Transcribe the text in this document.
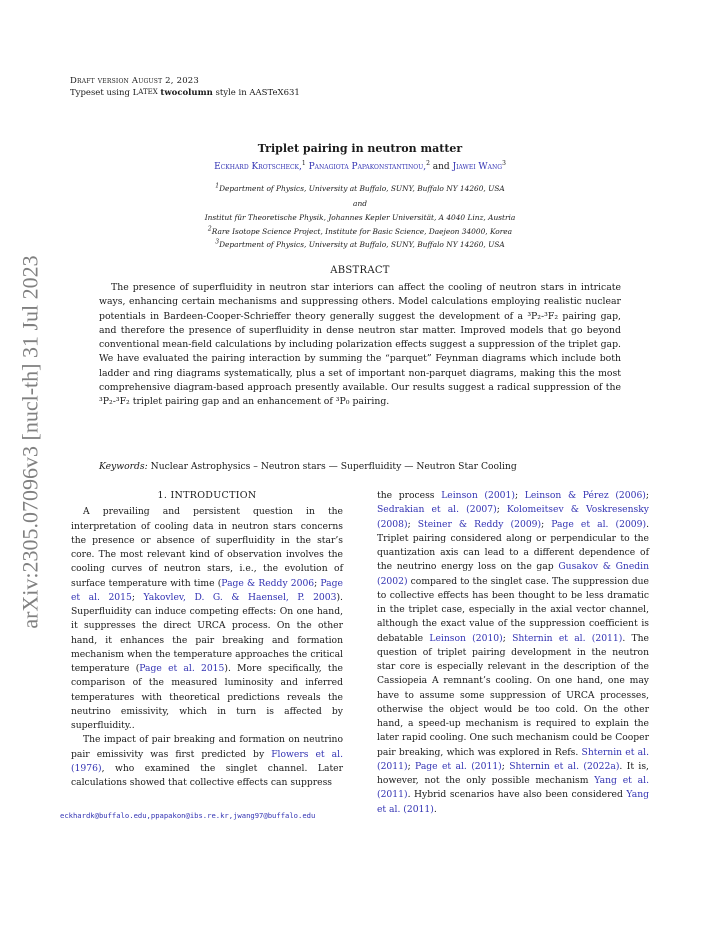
arXiv:2305.07096v3 [nucl-th] 31 Jul 2023
Draft version August 2, 2023
Typeset using LATEX twocolumn style in AASTeX631
Triplet pairing in neutron matter
Eckhard Krotscheck,$^1$ Panagiota Papakonstantinou,$^2$ and Jiawei Wang$^3$
$^1$Department of Physics, University at Buffalo, SUNY, Buffalo NY 14260, USA
and
Institut für Theoretische Physik, Johannes Kepler Universität, A 4040 Linz, Austria
$^2$Rare Isotope Science Project, Institute for Basic Science, Daejeon 34000, Korea
$^3$Department of Physics, University at Buffalo, SUNY, Buffalo NY 14260, USA
ABSTRACT

The presence of superfluidity in neutron star interiors can affect the cooling of neutron stars in intricate ways, enhancing certain mechanisms and suppressing others. Model calculations employing realistic nuclear potentials in Bardeen-Cooper-Schrieffer theory generally suggest the development of a ³P₂-³F₂ pairing gap, and therefore the presence of superfluidity in dense neutron star matter. Improved models that go beyond conventional mean-field calculations by including polarization effects suggest a suppression of the triplet gap. We have evaluated the pairing interaction by summing the “parquet” Feynman diagrams which include both ladder and ring diagrams systematically, plus a set of important non-parquet diagrams, making this the most comprehensive diagram-based approach presently available. Our results suggest a radical suppression of the ³P₂-³F₂ triplet pairing gap and an enhancement of ³P₀ pairing.

Keywords: Nuclear Astrophysics – Neutron stars — Superfluidity — Neutron Star Cooling
1. INTRODUCTION

A prevailing and persistent question in the interpretation of cooling data in neutron stars concerns the presence or absence of superfluidity in the star’s core. The most relevant kind of observation involves the cooling curves of neutron stars, i.e., the evolution of surface temperature with time (Page & Reddy 2006; Page et al. 2015; Yakovlev, D. G. & Haensel, P. 2003). Superfluidity can induce competing effects: On one hand, it suppresses the direct URCA process. On the other hand, it enhances the pair breaking and formation mechanism when the temperature approaches the critical temperature (Page et al. 2015). More specifically, the comparison of the measured luminosity and inferred temperatures with theoretical predictions reveals the neutrino emissivity, which in turn is affected by superfluidity..

The impact of pair breaking and formation on neutrino pair emissivity was first predicted by Flowers et al. (1976), who examined the singlet channel. Later calculations showed that collective effects can suppress

the process Leinson (2001); Leinson & Pérez (2006); Sedrakian et al. (2007); Kolomeitsev & Voskresensky (2008); Steiner & Reddy (2009); Page et al. (2009). Triplet pairing considered along or perpendicular to the quantization axis can lead to a different dependence of the neutrino energy loss on the gap Gusakov & Gnedin (2002) compared to the singlet case. The suppression due to collective effects has been thought to be less dramatic in the triplet case, especially in the axial vector channel, although the exact value of the suppression coefficient is debatable Leinson (2010); Shternin et al. (2011). The question of triplet pairing development in the neutron star core is especially relevant in the description of the Cassiopeia A remnant’s cooling. On one hand, one may have to assume some suppression of URCA processes, otherwise the object would be too cold. On the other hand, a speed-up mechanism is required to explain the later rapid cooling. One such mechanism could be Cooper pair breaking, which was explored in Refs. Shternin et al. (2011); Page et al. (2011); Shternin et al. (2022a). It is, however, not the only possible mechanism Yang et al. (2011). Hybrid scenarios have also been considered Yang et al. (2011).

eckhardk@buffalo.edu,ppapakon@ibs.re.kr,jwang97@buffalo.edu
